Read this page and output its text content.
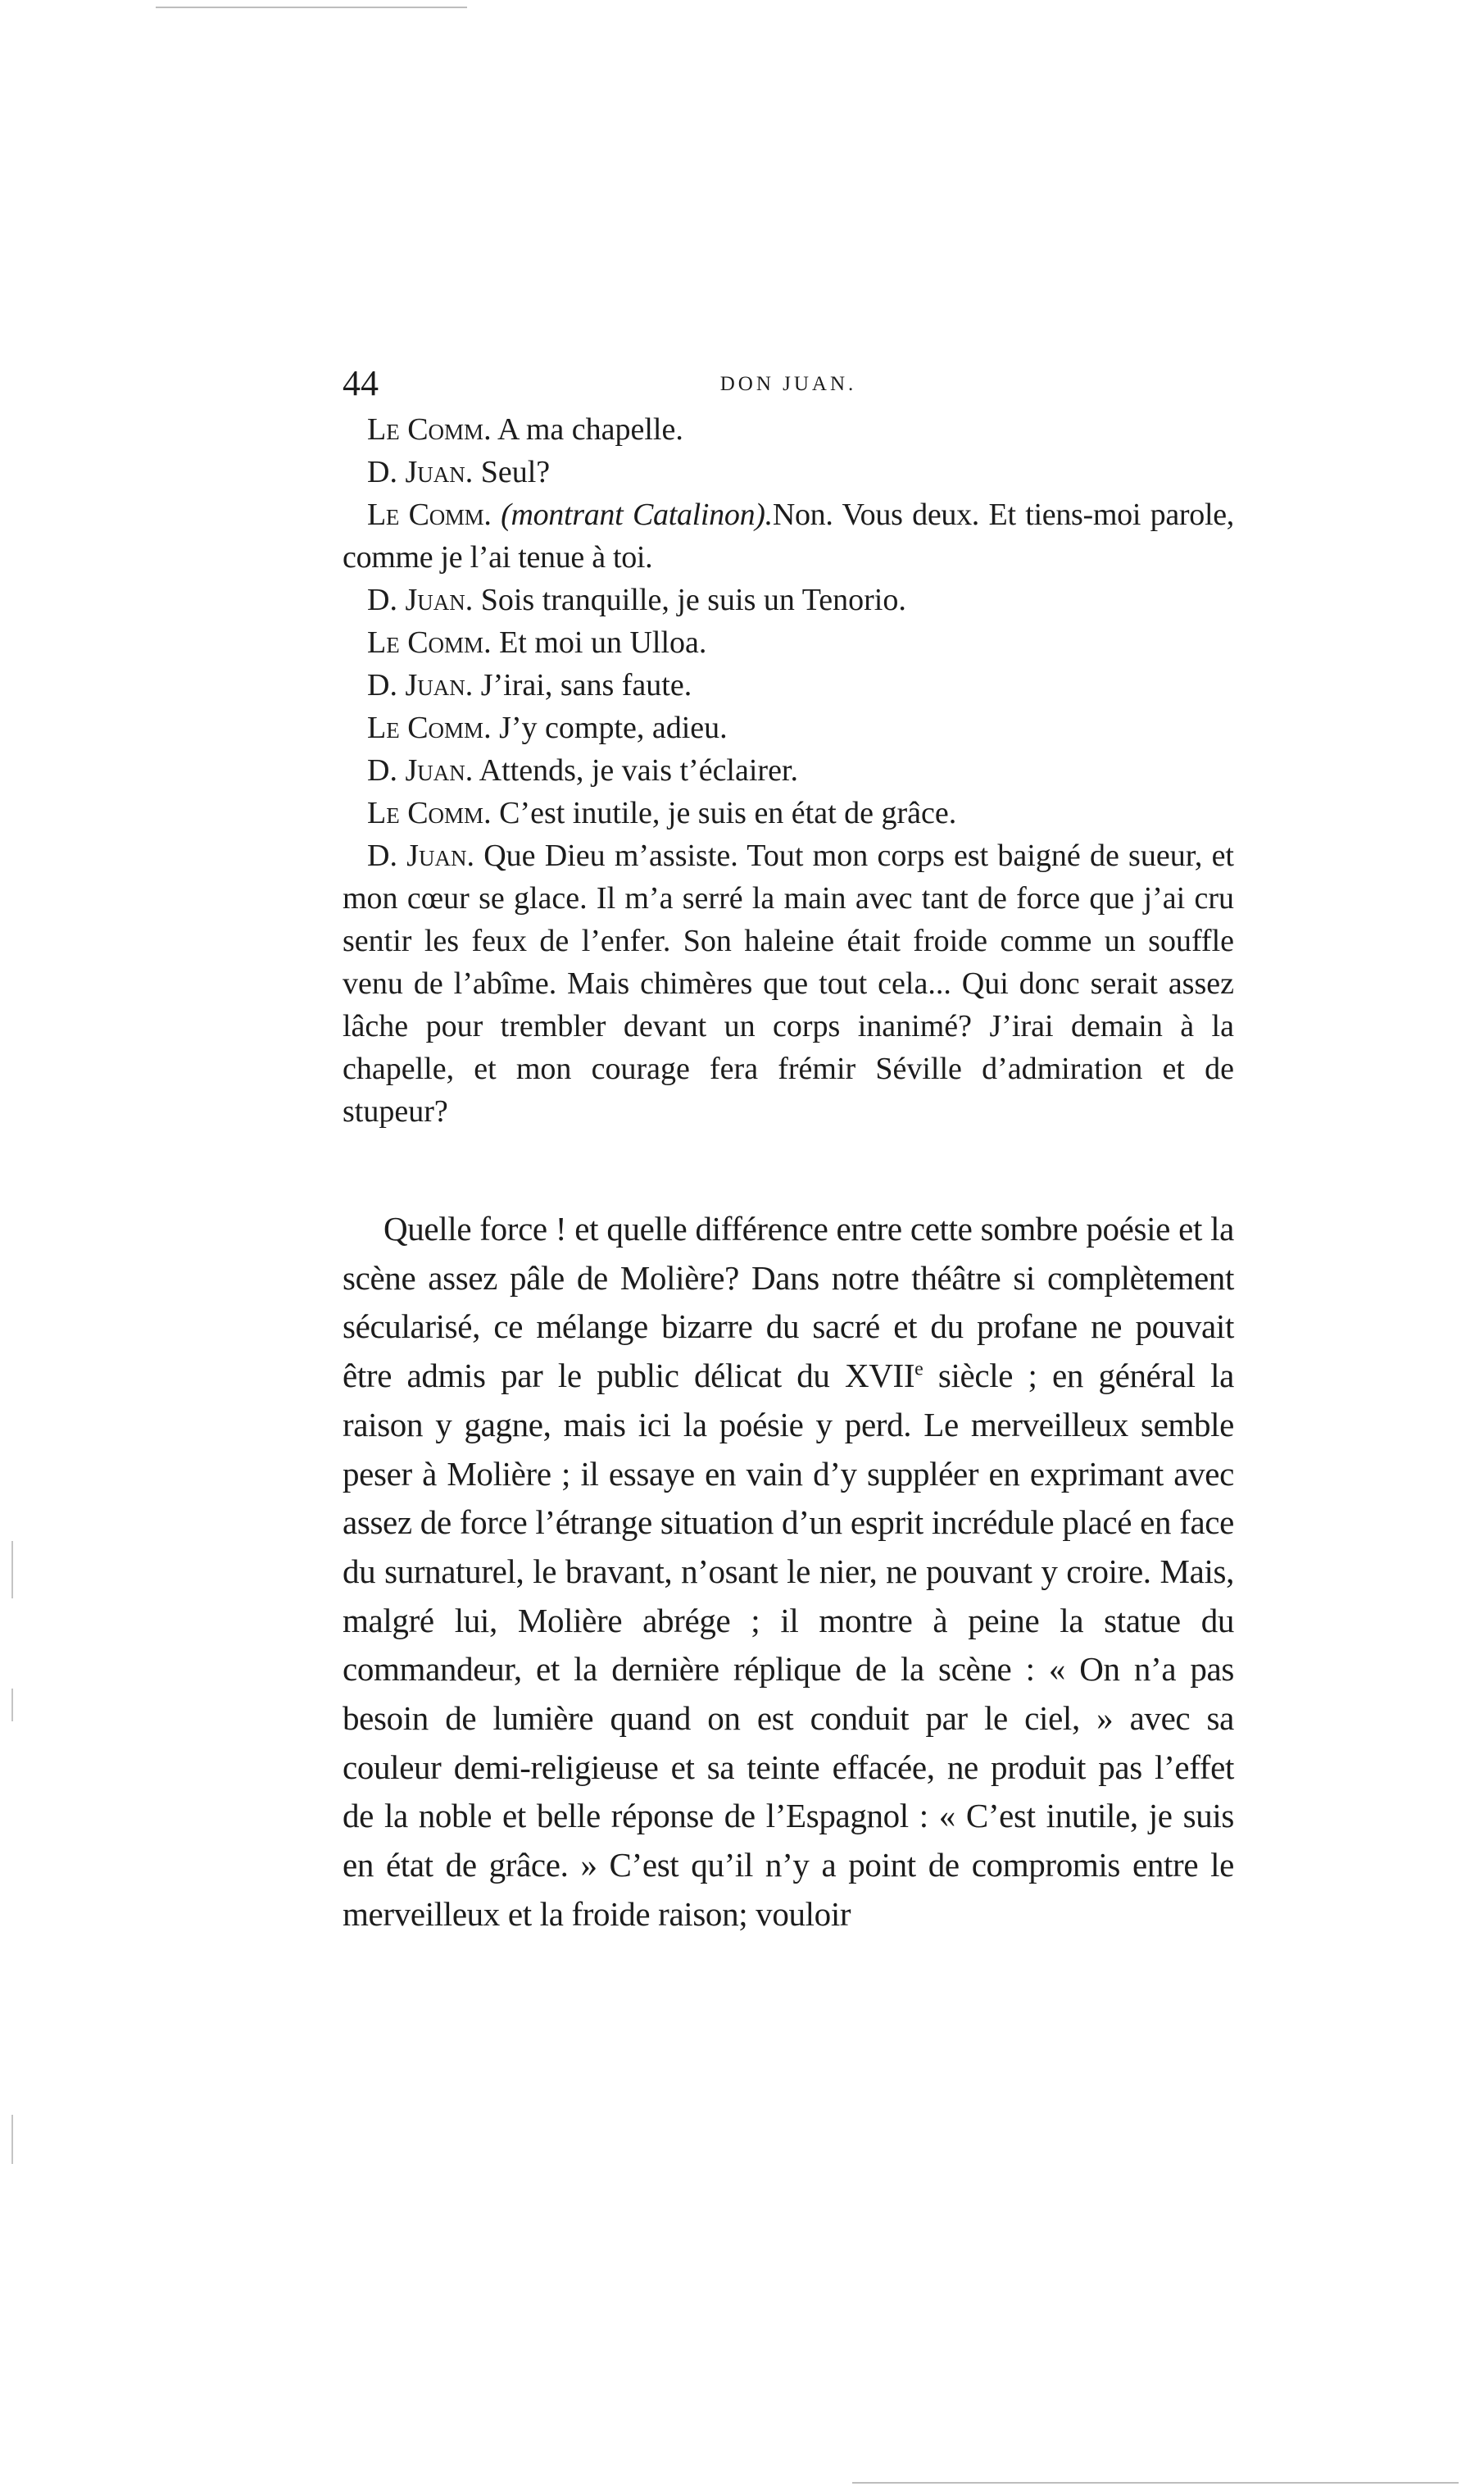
44	DON JUAN.

Le Comm. A ma chapelle.

D. Juan. Seul?

Le Comm. (montrant Catalinon).Non. Vous deux. Et tiens-moi parole, comme je l’ai tenue à toi.

D. Juan. Sois tranquille, je suis un Tenorio.

Le Comm. Et moi un Ulloa.

D. Juan. J’irai, sans faute.

Le Comm. J’y compte, adieu.

D. Juan. Attends, je vais t’éclairer.

Le Comm. C’est inutile, je suis en état de grâce.

D. Juan. Que Dieu m’assiste. Tout mon corps est baigné de sueur, et mon cœur se glace. Il m’a serré la main avec tant de force que j’ai cru sentir les feux de l’enfer. Son haleine était froide comme un souffle venu de l’abîme. Mais chimères que tout cela... Qui donc serait assez lâche pour trembler devant un corps inanimé? J’irai demain à la chapelle, et mon courage fera frémir Séville d’admiration et de stupeur?

Quelle force ! et quelle différence entre cette sombre poésie et la scène assez pâle de Molière? Dans notre théâtre si complètement sécularisé, ce mélange bizarre du sacré et du profane ne pouvait être admis par le public délicat du XVIIe siècle ; en général la raison y gagne, mais ici la poésie y perd. Le merveilleux semble peser à Molière ; il essaye en vain d’y suppléer en exprimant avec assez de force l’étrange situation d’un esprit incrédule placé en face du surnaturel, le bravant, n’osant le nier, ne pouvant y croire. Mais, malgré lui, Molière abrége ; il montre à peine la statue du commandeur, et la dernière réplique de la scène : « On n’a pas besoin de lumière quand on est conduit par le ciel, » avec sa couleur demi-religieuse et sa teinte effacée, ne produit pas l’effet de la noble et belle réponse de l’Espagnol : « C’est inutile, je suis en état de grâce. » C’est qu’il n’y a point de compromis entre le merveilleux et la froide raison; vouloir
